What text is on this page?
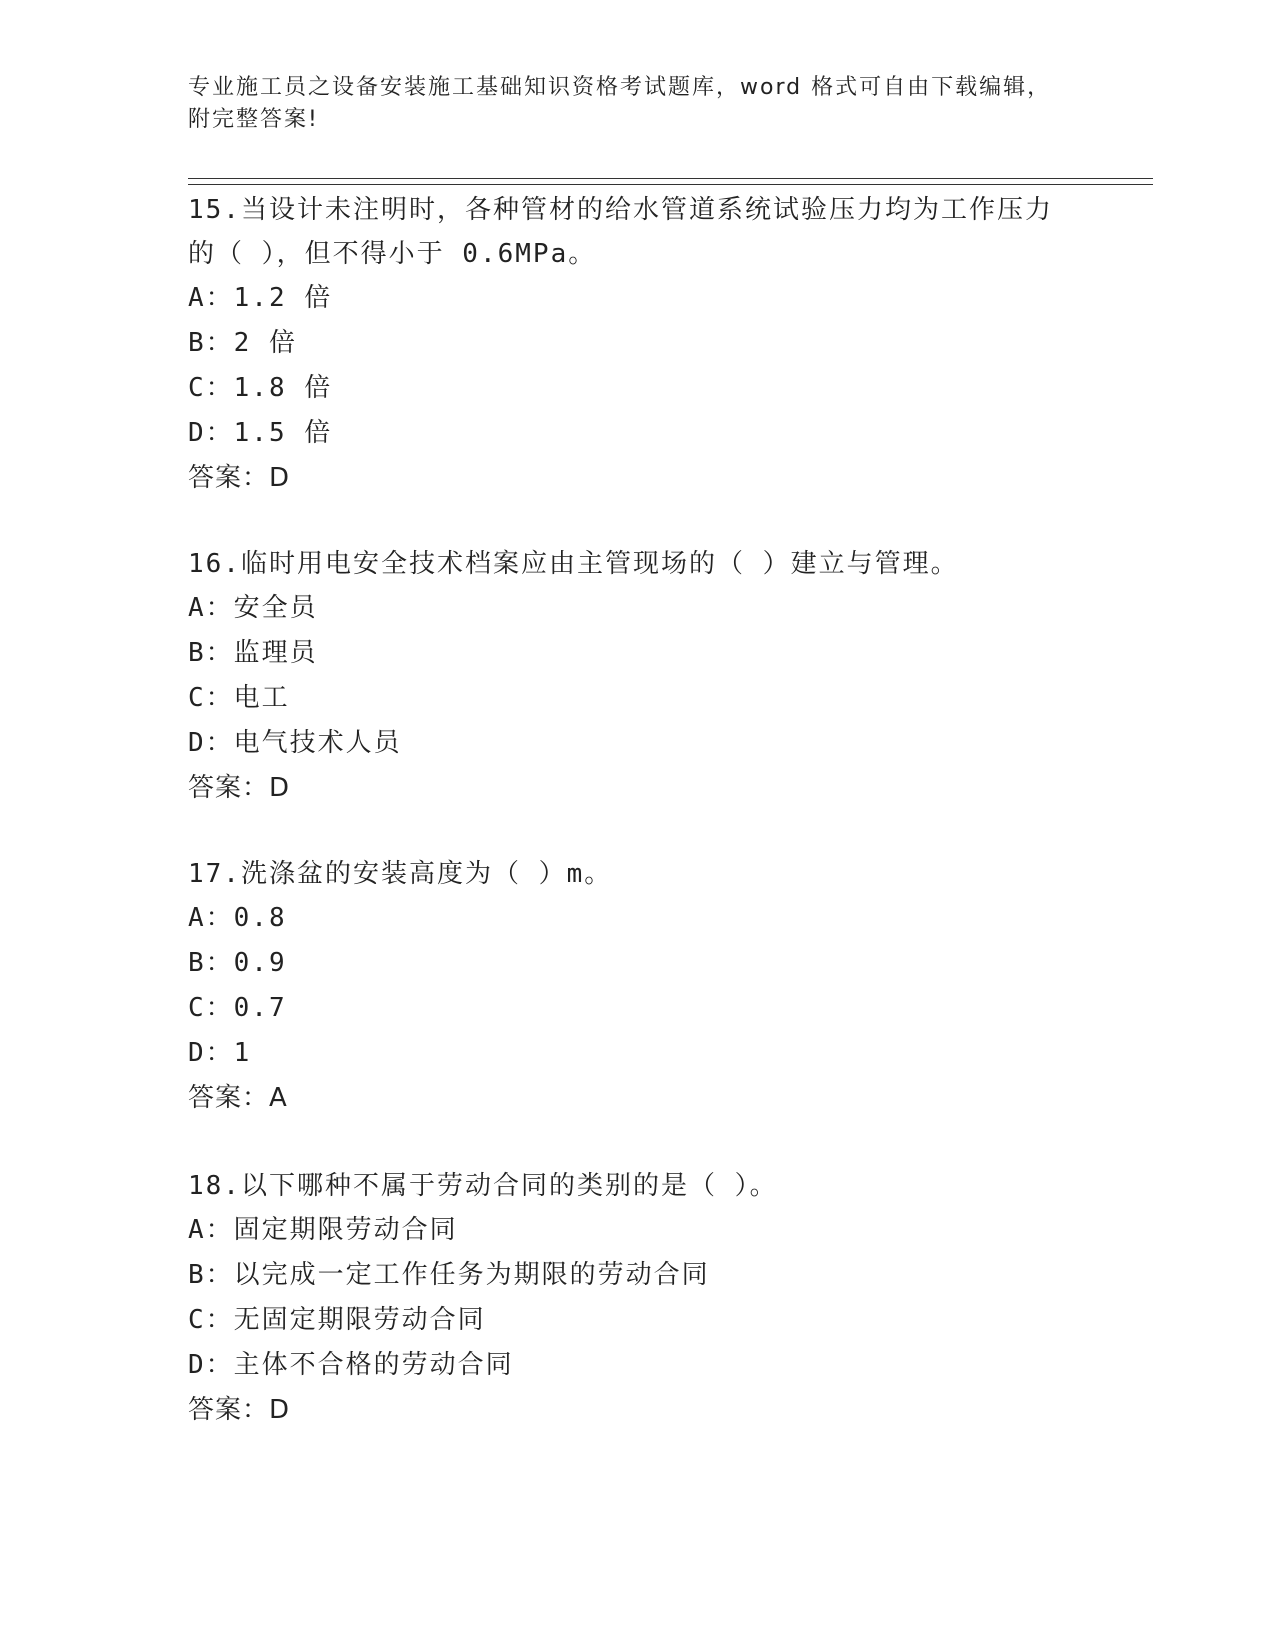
专业施工员之设备安装施工基础知识资格考试题库，word 格式可自由下载编辑，
附完整答案!
15.当设计未注明时，各种管材的给水管道系统试验压力均为工作压力
的（ ），但不得小于 0.6MPa。
A：1.2 倍
B：2 倍
C：1.8 倍
D：1.5 倍
答案：D
16.临时用电安全技术档案应由主管现场的（ ）建立与管理。
A：安全员
B：监理员
C：电工
D：电气技术人员
答案：D
17.洗涤盆的安装高度为（ ）m。
A：0.8
B：0.9
C：0.7
D：1
答案：A
18.以下哪种不属于劳动合同的类别的是（ ）。
A：固定期限劳动合同
B：以完成一定工作任务为期限的劳动合同
C：无固定期限劳动合同
D：主体不合格的劳动合同
答案：D
